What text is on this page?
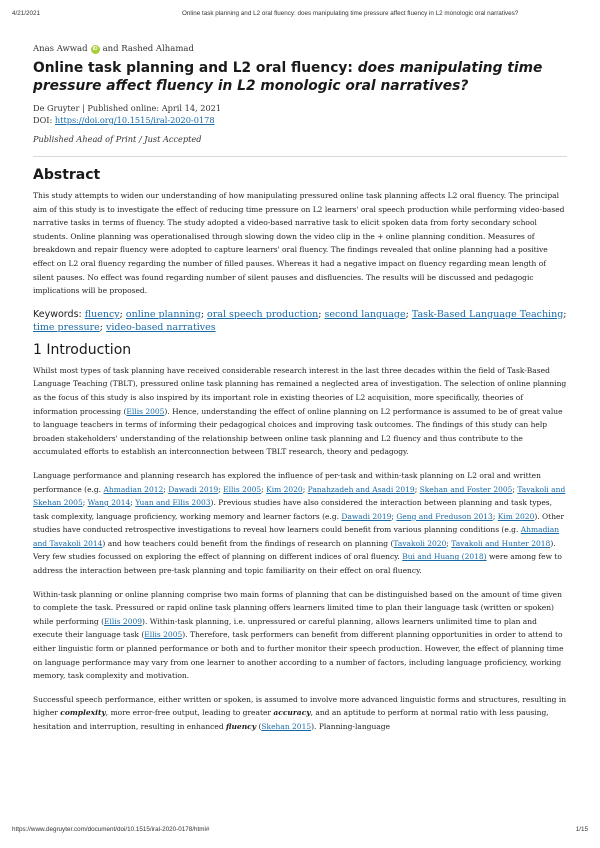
4/21/2021	Online task planning and L2 oral fluency: does manipulating time pressure affect fluency in L2 monologic oral narratives?
Anas Awwad	iD and Rashed Alhamad
Online task planning and L2 oral fluency: does manipulating time pressure affect fluency in L2 monologic oral narratives?
De Gruyter | Published online: April 14, 2021
DOI: https://doi.org/10.1515/iral-2020-0178
Published Ahead of Print / Just Accepted
Abstract

This study attempts to widen our understanding of how manipulating pressured online task planning affects L2 oral fluency. The principal aim of this study is to investigate the effect of reducing time pressure on L2 learners' oral speech production while performing video-based narrative tasks in terms of fluency. The study adopted a video-based narrative task to elicit spoken data from forty secondary school students. Online planning was operationalised through slowing down the video clip in the + online planning condition. Measures of breakdown and repair fluency were adopted to capture learners' oral fluency. The findings revealed that online planning had a positive effect on L2 oral fluency regarding the number of filled pauses. Whereas it had a negative impact on fluency regarding mean length of silent pauses. No effect was found regarding number of silent pauses and disfluencies. The results will be discussed and pedagogic implications will be proposed.

Keywords: fluency; online planning; oral speech production; second language; Task-Based Language Teaching; time pressure; video-based narratives
1 Introduction

Whilst most types of task planning have received considerable research interest in the last three decades within the field of Task-Based Language Teaching (TBLT), pressured online task planning has remained a neglected area of investigation. The selection of online planning as the focus of this study is also inspired by its important role in existing theories of L2 acquisition, more specifically, theories of information processing (Ellis 2005). Hence, understanding the effect of online planning on L2 performance is assumed to be of great value to language teachers in terms of informing their pedagogical choices and improving task outcomes. The findings of this study can help broaden stakeholders' understanding of the relationship between online task planning and L2 fluency and thus contribute to the accumulated efforts to establish an interconnection between TBLT research, theory and pedagogy.

Language performance and planning research has explored the influence of per-task and within-task planning on L2 oral and written performance (e.g. Ahmadian 2012; Dawadi 2019; Ellis 2005; Kim 2020; Panahzadeh and Asadi 2019; Skehan and Foster 2005; Tavakoli and Skehan 2005; Wang 2014; Yuan and Ellis 2003). Previous studies have also considered the interaction between planning and task types, task complexity, language proficiency, working memory and learner factors (e.g. Dawadi 2019; Geng and Freduson 2013; Kim 2020). Other studies have conducted retrospective investigations to reveal how learners could benefit from various planning conditions (e.g. Ahmadian and Tavakoli 2014) and how teachers could benefit from the findings of research on planning (Tavakoli 2020; Tavakoli and Hunter 2018). Very few studies focussed on exploring the effect of planning on different indices of oral fluency. Bui and Huang (2018) were among few to address the interaction between pre-task planning and topic familiarity on their effect on oral fluency.

Within-task planning or online planning comprise two main forms of planning that can be distinguished based on the amount of time given to complete the task. Pressured or rapid online task planning offers learners limited time to plan their language task (written or spoken) while performing (Ellis 2009). Within-task planning, i.e. unpressured or careful planning, allows learners unlimited time to plan and execute their language task (Ellis 2005). Therefore, task performers can benefit from different planning opportunities in order to attend to either linguistic form or planned performance or both and to further monitor their speech production. However, the effect of planning time on language performance may vary from one learner to another according to a number of factors, including language proficiency, working memory, task complexity and motivation.

Successful speech performance, either written or spoken, is assumed to involve more advanced linguistic forms and structures, resulting in higher complexity, more error-free output, leading to greater accuracy, and an aptitude to perform at normal ratio with less pausing, hesitation and interruption, resulting in enhanced fluency (Skehan 2015). Planning-language

https://www.degruyter.com/document/doi/10.1515/iral-2020-0178/html#	1/15
